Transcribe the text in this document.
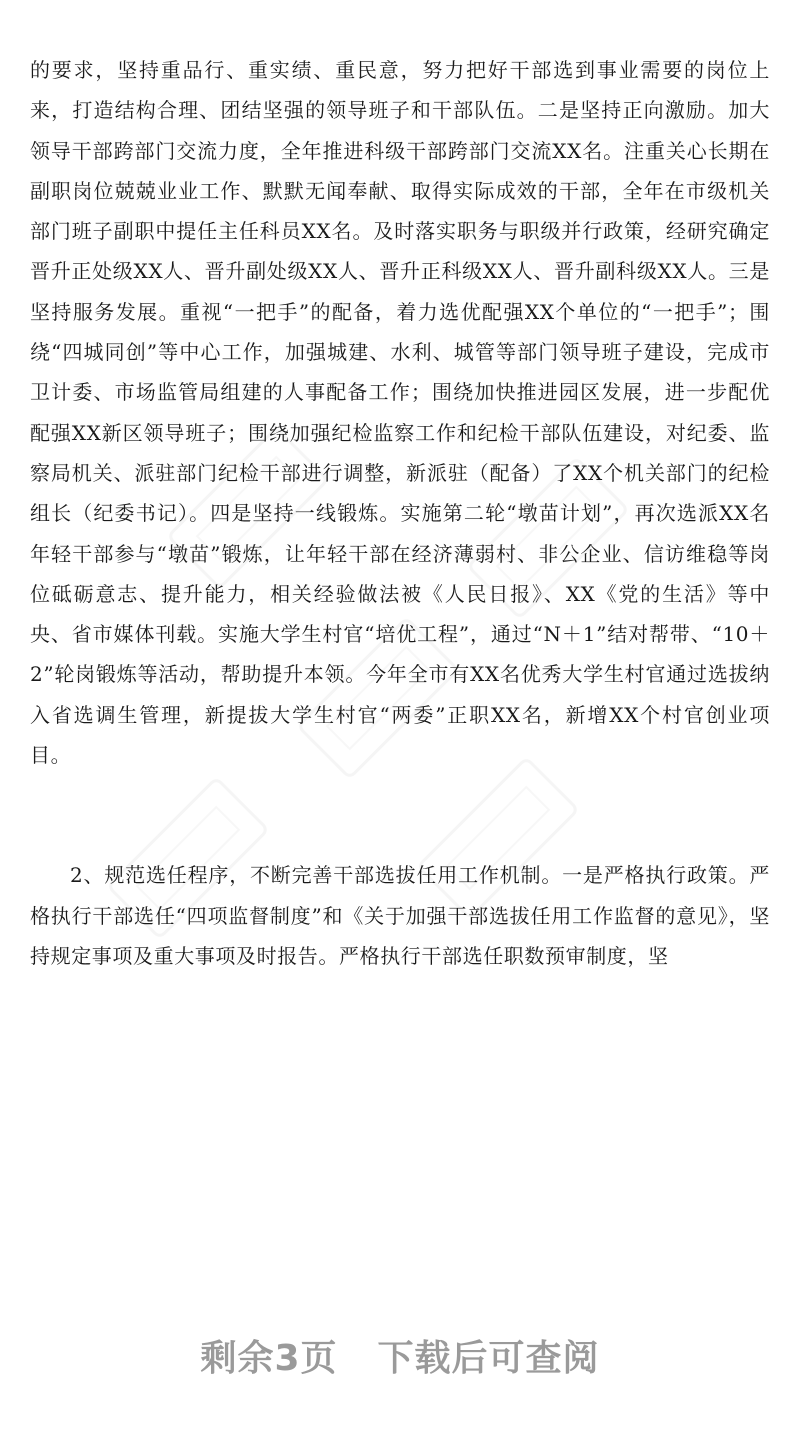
的要求，坚持重品行、重实绩、重民意，努力把好干部选到事业需要的岗位上来，打造结构合理、团结坚强的领导班子和干部队伍。二是坚持正向激励。加大领导干部跨部门交流力度，全年推进科级干部跨部门交流XX名。注重关心长期在副职岗位兢兢业业工作、默默无闻奉献、取得实际成效的干部，全年在市级机关部门班子副职中提任主任科员XX名。及时落实职务与职级并行政策，经研究确定晋升正处级XX人、晋升副处级XX人、晋升正科级XX人、晋升副科级XX人。三是坚持服务发展。重视“一把手”的配备，着力选优配强XX个单位的“一把手”；围绕“四城同创”等中心工作，加强城建、水利、城管等部门领导班子建设，完成市卫计委、市场监管局组建的人事配备工作；围绕加快推进园区发展，进一步配优配强XX新区领导班子；围绕加强纪检监察工作和纪检干部队伍建设，对纪委、监察局机关、派驻部门纪检干部进行调整，新派驻（配备）了XX个机关部门的纪检组长（纪委书记）。四是坚持一线锻炼。实施第二轮“墩苗计划”，再次选派XX名年轻干部参与“墩苗”锻炼，让年轻干部在经济薄弱村、非公企业、信访维稳等岗位砥砺意志、提升能力，相关经验做法被《人民日报》、XX《党的生活》等中央、省市媒体刊载。实施大学生村官“培优工程”，通过“N＋1”结对帮带、“10＋2”轮岗锻炼等活动，帮助提升本领。今年全市有XX名优秀大学生村官通过选拔纳入省选调生管理，新提拔大学生村官“两委”正职XX名，新增XX个村官创业项目。

2、规范选任程序，不断完善干部选拔任用工作机制。一是严格执行政策。严格执行干部选任“四项监督制度”和《关于加强干部选拔任用工作监督的意见》，坚持规定事项及重大事项及时报告。严格执行干部选任职数预审制度，坚

剩余3页 下载后可查阅
